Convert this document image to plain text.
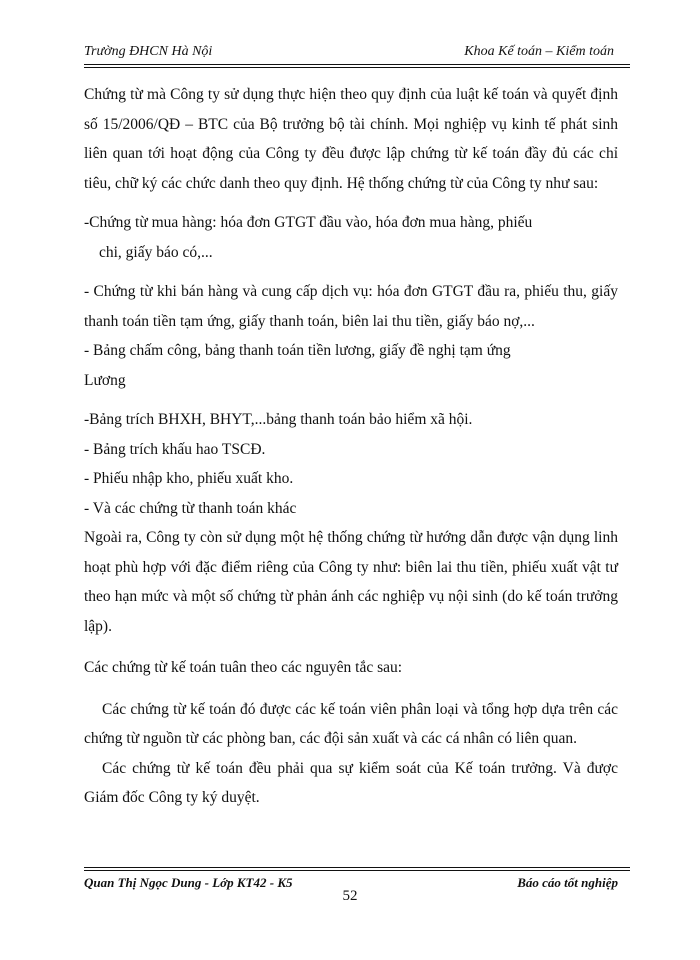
Trường ĐHCN Hà Nội	Khoa Kế toán – Kiểm toán

Chứng từ mà Công ty sử dụng thực hiện theo quy định của luật kế toán và quyết định số 15/2006/QĐ – BTC của Bộ trưởng bộ tài chính. Mọi nghiệp vụ kinh tế phát sinh liên quan tới hoạt động của Công ty đều được lập chứng từ kế toán đầy đủ các chỉ tiêu, chữ ký các chức danh theo quy định. Hệ thống chứng từ của Công ty như sau:

-Chứng từ mua hàng: hóa đơn GTGT đầu vào, hóa đơn mua hàng, phiếu

chi, giấy báo có,...

- Chứng từ khi bán hàng và cung cấp dịch vụ: hóa đơn GTGT đầu ra, phiếu thu, giấy thanh toán tiền tạm ứng, giấy thanh toán, biên lai thu tiền, giấy báo nợ,...

- Bảng chấm công, bảng thanh toán tiền lương, giấy đề nghị tạm ứng

Lương

-Bảng trích BHXH, BHYT,...bảng thanh toán bảo hiểm xã hội.

- Bảng trích khấu hao TSCĐ.

- Phiếu nhập kho, phiếu xuất kho.

- Và các chứng từ thanh toán khác

Ngoài ra, Công ty còn sử dụng một hệ thống chứng từ hướng dẫn được vận dụng linh hoạt phù hợp với đặc điểm riêng của Công ty như: biên lai thu tiền, phiếu xuất vật tư theo hạn mức và một số chứng từ phản ánh các nghiệp vụ nội sinh (do kế toán trưởng lập).

Các chứng từ kế toán tuân theo các nguyên tắc sau:

Các chứng từ kế toán đó được các kế toán viên phân loại và tổng hợp dựa trên các chứng từ nguồn từ các phòng ban, các đội sản xuất và các cá nhân có liên quan.

Các chứng từ kế toán đều phải qua sự kiểm soát của Kế toán trưởng. Và được Giám đốc Công ty ký duyệt.

Quan Thị Ngọc Dung - Lớp KT42 - K5	Báo cáo tốt nghiệp
52
